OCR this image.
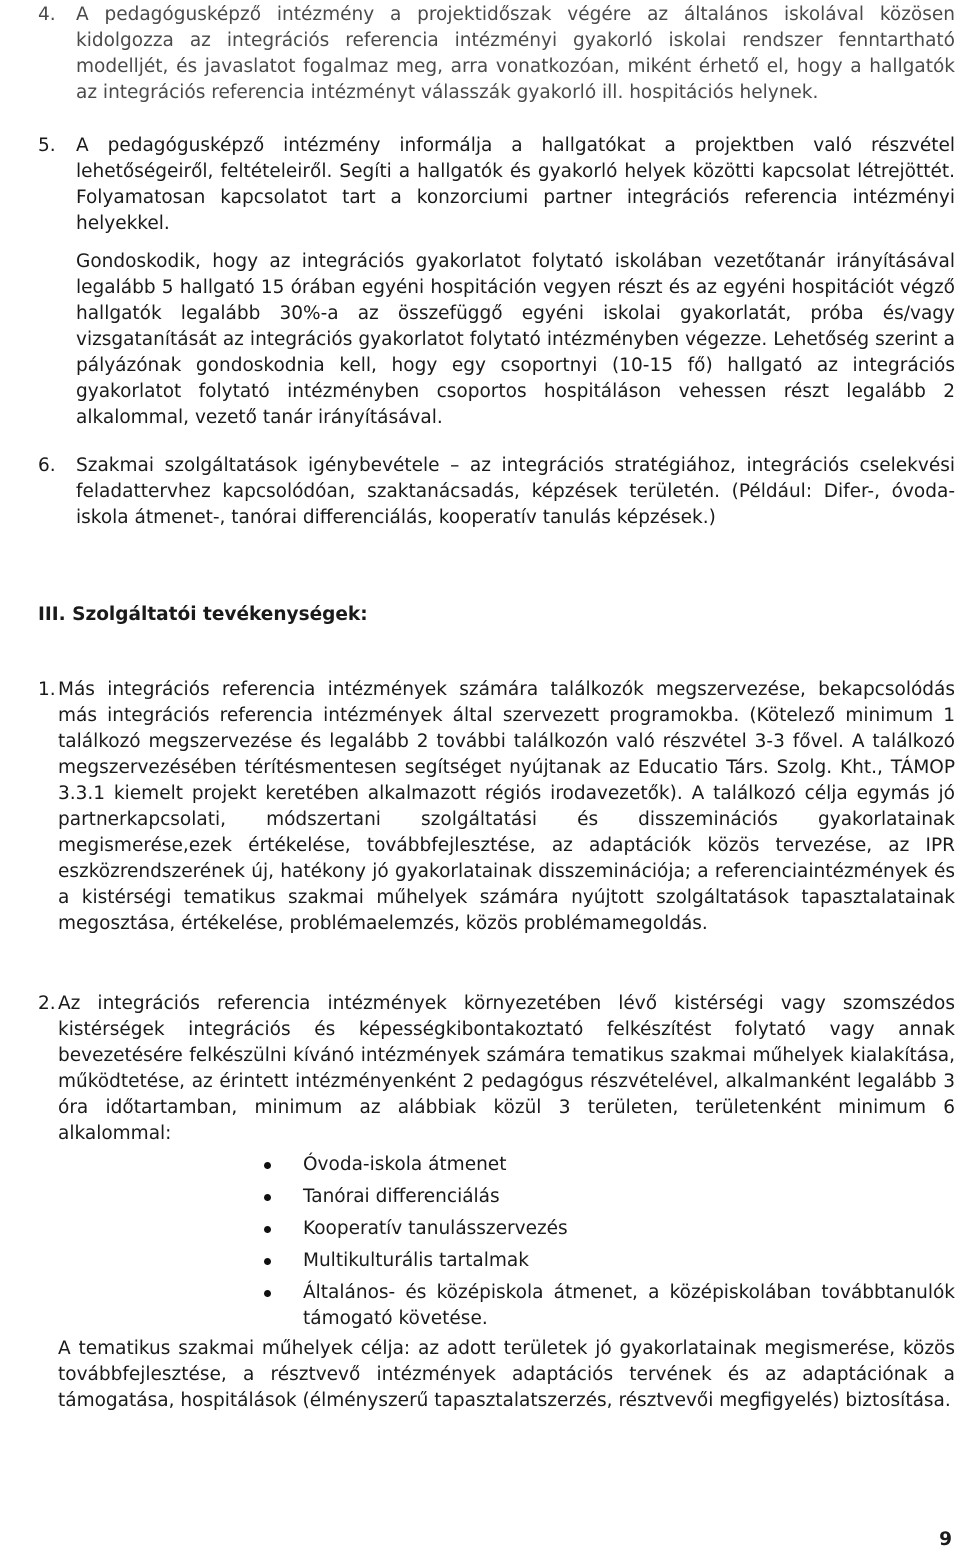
4. A pedagógusképző intézmény a projektidőszak végére az általános iskolával közösen kidolgozza az integrációs referencia intézményi gyakorló iskolai rendszer fenntartható modelljét, és javaslatot fogalmaz meg, arra vonatkozóan, miként érhető el, hogy a hallgatók az integrációs referencia intézményt válasszák gyakorló ill. hospitációs helynek.

5. A pedagógusképző intézmény informálja a hallgatókat a projektben való részvétel lehetőségeiről, feltételeiről. Segíti a hallgatók és gyakorló helyek közötti kapcsolat létrejöttét. Folyamatosan kapcsolatot tart a konzorciumi partner integrációs referencia intézményi helyekkel.

Gondoskodik, hogy az integrációs gyakorlatot folytató iskolában vezetőtanár irányításával legalább 5 hallgató 15 órában egyéni hospitáción vegyen részt és az egyéni hospitációt végző hallgatók legalább 30%-a az összefüggő egyéni iskolai gyakorlatát, próba és/vagy vizsgatanítását az integrációs gyakorlatot folytató intézményben végezze. Lehetőség szerint a pályázónak gondoskodnia kell, hogy egy csoportnyi (10-15 fő) hallgató az integrációs gyakorlatot folytató intézményben csoportos hospitáláson vehessen részt legalább 2 alkalommal, vezető tanár irányításával.

6. Szakmai szolgáltatások igénybevétele – az integrációs stratégiához, integrációs cselekvési feladattervhez kapcsolódóan, szaktanácsadás, képzések területén. (Például: Difer-, óvoda-iskola átmenet-, tanórai differenciálás, kooperatív tanulás képzések.)

III. Szolgáltatói tevékenységek:
1. Más integrációs referencia intézmények számára találkozók megszervezése, bekapcsolódás más integrációs referencia intézmények által szervezett programokba. (Kötelező minimum 1 találkozó megszervezése és legalább 2 további találkozón való részvétel 3-3 fővel. A találkozó megszervezésében térítésmentesen segítséget nyújtanak az Educatio Társ. Szolg. Kht., TÁMOP 3.3.1 kiemelt projekt keretében alkalmazott régiós irodavezetők). A találkozó célja egymás jó partnerkapcsolati, módszertani szolgáltatási és disszeminációs gyakorlatainak megismerése,ezek értékelése, továbbfejlesztése, az adaptációk közös tervezése, az IPR eszközrendszerének új, hatékony jó gyakorlatainak disszeminációja; a referenciaintézmények és a kistérségi tematikus szakmai műhelyek számára nyújtott szolgáltatások tapasztalatainak megosztása, értékelése, problémaelemzés, közös problémamegoldás.

2. Az integrációs referencia intézmények környezetében lévő kistérségi vagy szomszédos kistérségek integrációs és képességkibontakoztató felkészítést folytató vagy annak bevezetésére felkészülni kívánó intézmények számára tematikus szakmai műhelyek kialakítása, működtetése, az érintett intézményenként 2 pedagógus részvételével, alkalmanként legalább 3 óra időtartamban, minimum az alábbiak közül 3 területen, területenként minimum 6 alkalommal:

Óvoda-iskola átmenet
Tanórai differenciálás
Kooperatív tanulásszervezés
Multikulturális tartalmak
Általános- és középiskola átmenet, a középiskolában továbbtanulók támogató követése.

A tematikus szakmai műhelyek célja: az adott területek jó gyakorlatainak megismerése, közös továbbfejlesztése, a résztvevő intézmények adaptációs tervének és az adaptációnak a támogatása, hospitálások (élményszerű tapasztalatszerzés, résztvevői megfigyelés) biztosítása.

9
